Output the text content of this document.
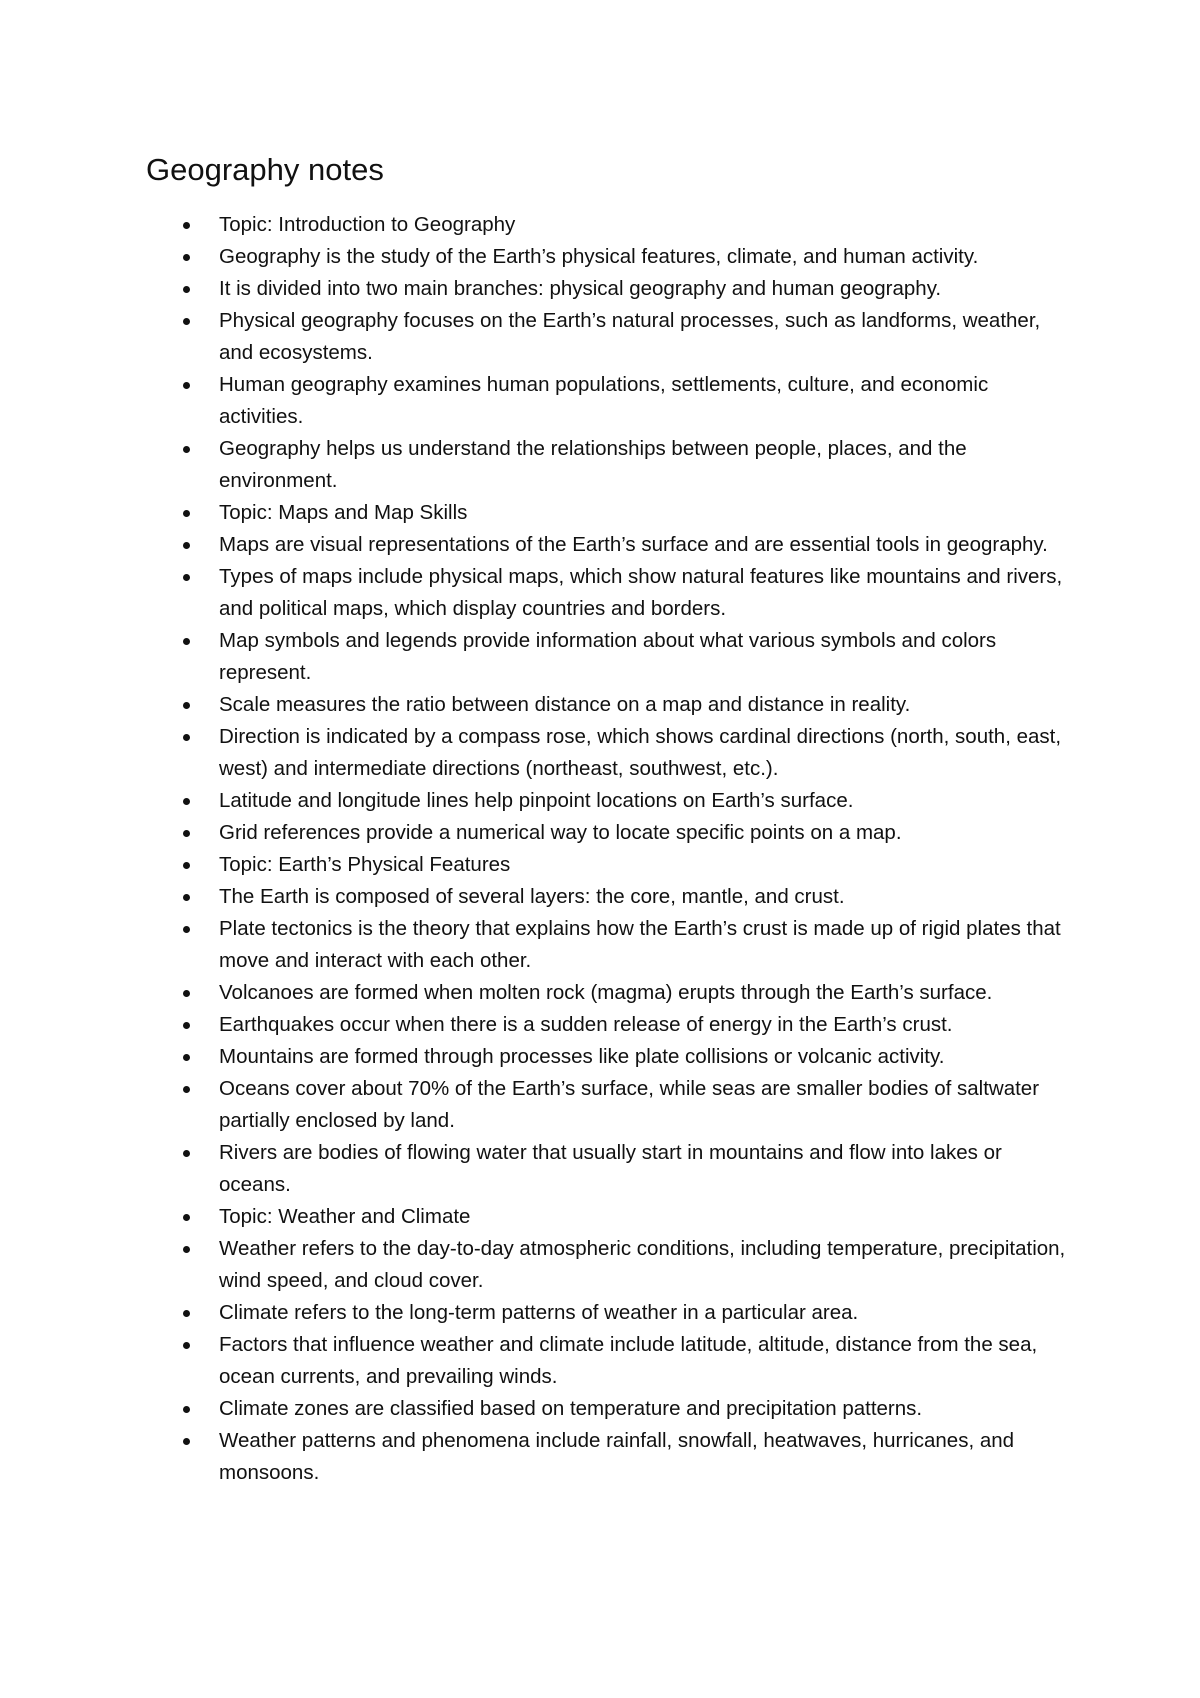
Geography notes
Topic: Introduction to Geography
Geography is the study of the Earth’s physical features, climate, and human activity.
It is divided into two main branches: physical geography and human geography.
Physical geography focuses on the Earth’s natural processes, such as landforms, weather, and ecosystems.
Human geography examines human populations, settlements, culture, and economic activities.
Geography helps us understand the relationships between people, places, and the environment.
Topic: Maps and Map Skills
Maps are visual representations of the Earth’s surface and are essential tools in geography.
Types of maps include physical maps, which show natural features like mountains and rivers, and political maps, which display countries and borders.
Map symbols and legends provide information about what various symbols and colors represent.
Scale measures the ratio between distance on a map and distance in reality.
Direction is indicated by a compass rose, which shows cardinal directions (north, south, east, west) and intermediate directions (northeast, southwest, etc.).
Latitude and longitude lines help pinpoint locations on Earth’s surface.
Grid references provide a numerical way to locate specific points on a map.
Topic: Earth’s Physical Features
The Earth is composed of several layers: the core, mantle, and crust.
Plate tectonics is the theory that explains how the Earth’s crust is made up of rigid plates that move and interact with each other.
Volcanoes are formed when molten rock (magma) erupts through the Earth’s surface.
Earthquakes occur when there is a sudden release of energy in the Earth’s crust.
Mountains are formed through processes like plate collisions or volcanic activity.
Oceans cover about 70% of the Earth’s surface, while seas are smaller bodies of saltwater partially enclosed by land.
Rivers are bodies of flowing water that usually start in mountains and flow into lakes or oceans.
Topic: Weather and Climate
Weather refers to the day-to-day atmospheric conditions, including temperature, precipitation, wind speed, and cloud cover.
Climate refers to the long-term patterns of weather in a particular area.
Factors that influence weather and climate include latitude, altitude, distance from the sea, ocean currents, and prevailing winds.
Climate zones are classified based on temperature and precipitation patterns.
Weather patterns and phenomena include rainfall, snowfall, heatwaves, hurricanes, and monsoons.
